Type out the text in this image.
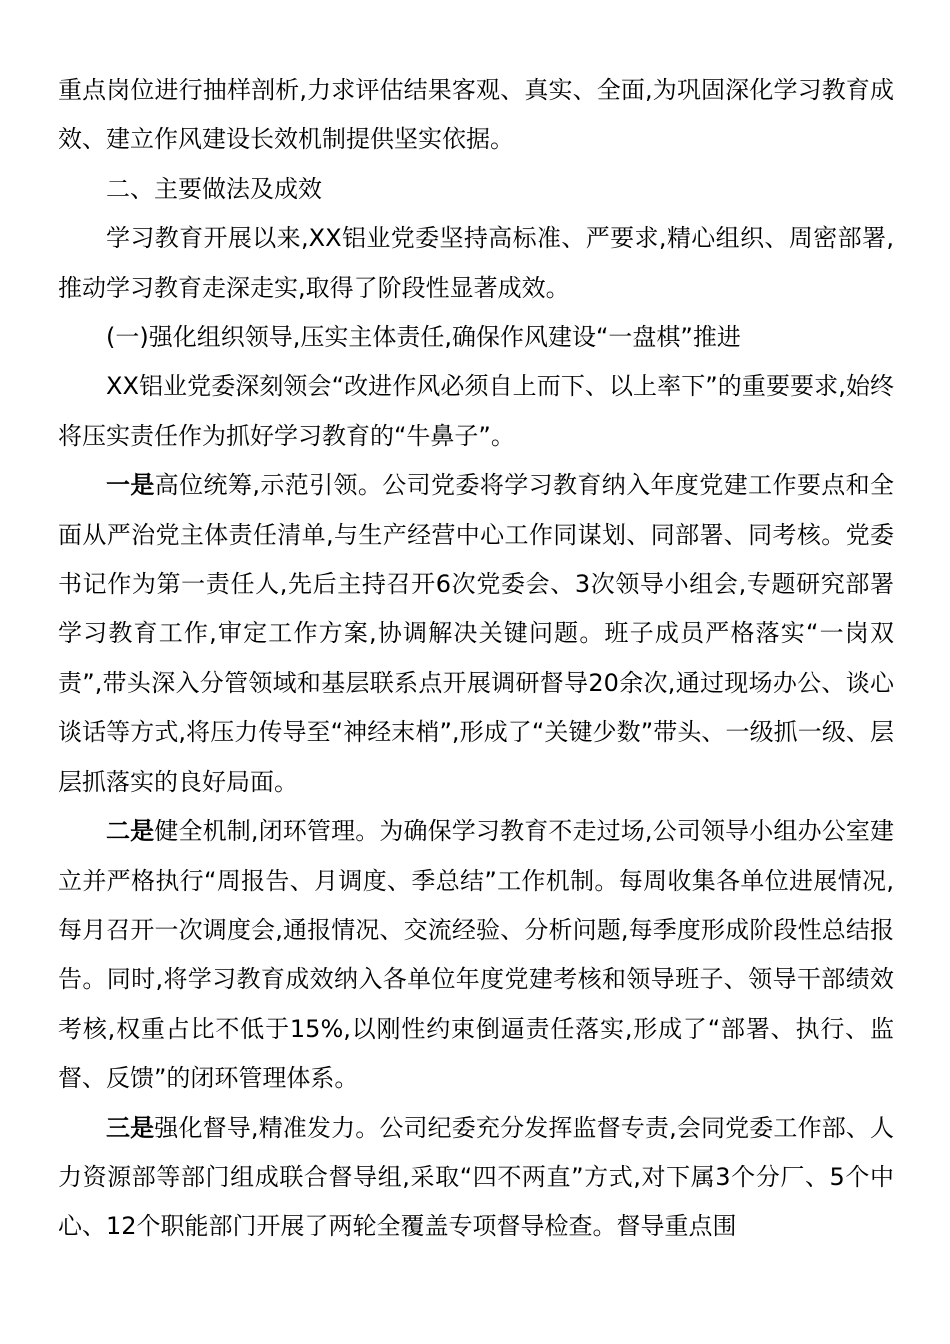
重点岗位进行抽样剖析,力求评估结果客观、真实、全面,为巩固深化学习教育成效、建立作风建设长效机制提供坚实依据。

二、主要做法及成效

学习教育开展以来,XX铝业党委坚持高标准、严要求,精心组织、周密部署,推动学习教育走深走实,取得了阶段性显著成效。

(一)强化组织领导,压实主体责任,确保作风建设“一盘棋”推进

XX铝业党委深刻领会“改进作风必须自上而下、以上率下”的重要要求,始终将压实责任作为抓好学习教育的“牛鼻子”。

一是高位统筹,示范引领。公司党委将学习教育纳入年度党建工作要点和全面从严治党主体责任清单,与生产经营中心工作同谋划、同部署、同考核。党委书记作为第一责任人,先后主持召开6次党委会、3次领导小组会,专题研究部署学习教育工作,审定工作方案,协调解决关键问题。班子成员严格落实“一岗双责”,带头深入分管领域和基层联系点开展调研督导20余次,通过现场办公、谈心谈话等方式,将压力传导至“神经末梢”,形成了“关键少数”带头、一级抓一级、层层抓落实的良好局面。

二是健全机制,闭环管理。为确保学习教育不走过场,公司领导小组办公室建立并严格执行“周报告、月调度、季总结”工作机制。每周收集各单位进展情况,每月召开一次调度会,通报情况、交流经验、分析问题,每季度形成阶段性总结报告。同时,将学习教育成效纳入各单位年度党建考核和领导班子、领导干部绩效考核,权重占比不低于15%,以刚性约束倒逼责任落实,形成了“部署、执行、监督、反馈”的闭环管理体系。

三是强化督导,精准发力。公司纪委充分发挥监督专责,会同党委工作部、人力资源部等部门组成联合督导组,采取“四不两直”方式,对下属3个分厂、5个中心、12个职能部门开展了两轮全覆盖专项督导检查。督导重点围
